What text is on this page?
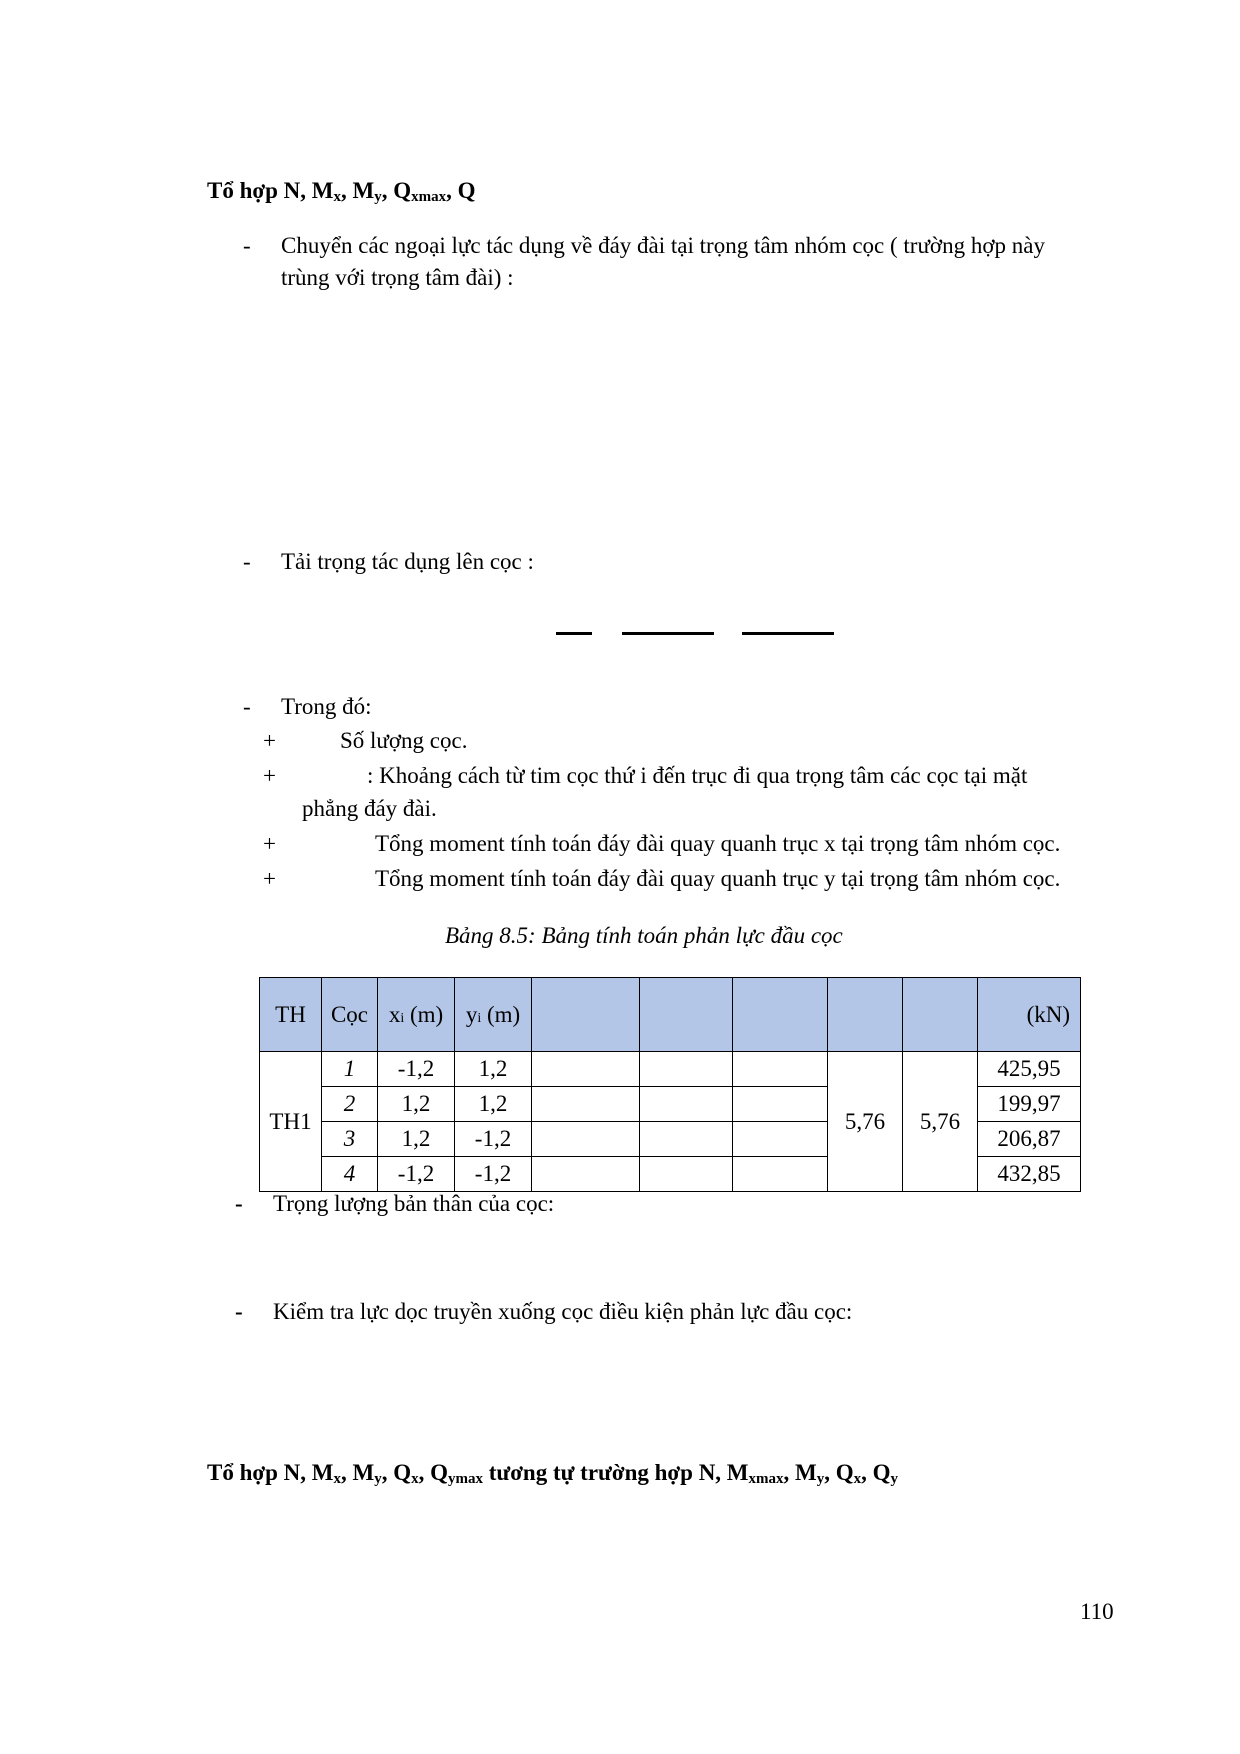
Tổ hợp N, $M_x$, $M_y$, $Q_{xmax}$, Q
- Chuyển các ngoại lực tác dụng về đáy đài tại trọng tâm nhóm cọc ( trường hợp này
trùng với trọng tâm đài) :
- Tải trọng tác dụng lên cọc :
- Trong đó:
+	Số lượng cọc.
+	: Khoảng cách từ tim cọc thứ i đến trục đi qua trọng tâm các cọc tại mặt
phẳng đáy đài.
+	Tổng moment tính toán đáy đài quay quanh trục x tại trọng tâm nhóm cọc.
+	Tổng moment tính toán đáy đài quay quanh trục y tại trọng tâm nhóm cọc.
Bảng 8.5: Bảng tính toán phản lực đầu cọc
TH	Cọc	xi (m)	yi (m)						(kN)
TH1	1	-1,2	1,2				5,76	5,76	425,95
	2	1,2	1,2						199,97
	3	1,2	-1,2						206,87
	4	-1,2	-1,2						432,85
- Trọng lượng bản thân của cọc:
- Kiểm tra lực dọc truyền xuống cọc điều kiện phản lực đầu cọc:
Tổ hợp N, $M_x$, $M_y$, $Q_x$, $Q_{ymax}$ tương tự trường hợp N, $M_{xmax}$, $M_y$, $Q_x$, $Q_y$
110
